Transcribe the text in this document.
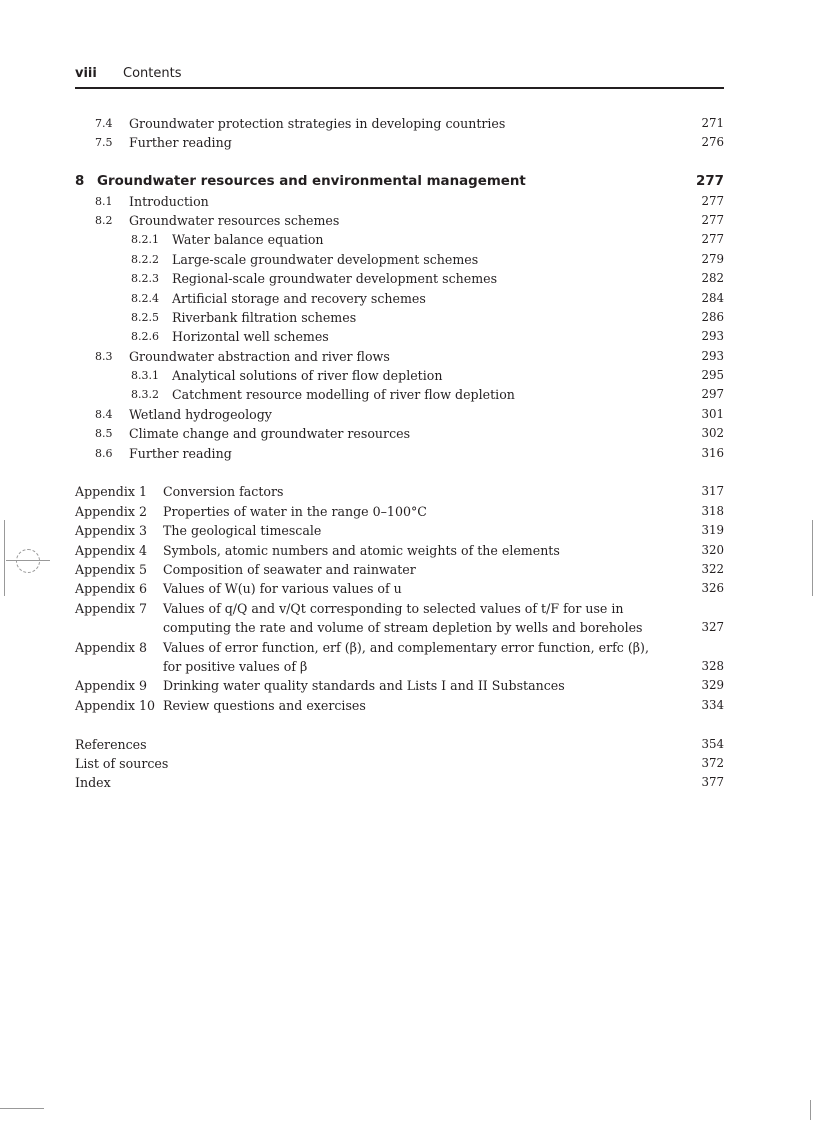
viii Contents
7.4 Groundwater protection strategies in developing countries	271
7.5 Further reading	276
8 Groundwater resources and environmental management	277
8.1 Introduction	277
8.2 Groundwater resources schemes	277
8.2.1 Water balance equation	277
8.2.2 Large-scale groundwater development schemes	279
8.2.3 Regional-scale groundwater development schemes	282
8.2.4 Artificial storage and recovery schemes	284
8.2.5 Riverbank filtration schemes	286
8.2.6 Horizontal well schemes	293
8.3 Groundwater abstraction and river flows	293
8.3.1 Analytical solutions of river flow depletion	295
8.3.2 Catchment resource modelling of river flow depletion	297
8.4 Wetland hydrogeology	301
8.5 Climate change and groundwater resources	302
8.6 Further reading	316
Appendix 1 Conversion factors	317
Appendix 2 Properties of water in the range 0–100°C	318
Appendix 3 The geological timescale	319
Appendix 4 Symbols, atomic numbers and atomic weights of the elements	320
Appendix 5 Composition of seawater and rainwater	322
Appendix 6 Values of W(u) for various values of u	326
Appendix 7 Values of q/Q and v/Qt corresponding to selected values of t/F for use in
computing the rate and volume of stream depletion by wells and boreholes	327
Appendix 8 Values of error function, erf (β), and complementary error function, erfc (β),
for positive values of β	328
Appendix 9 Drinking water quality standards and Lists I and II Substances	329
Appendix 10 Review questions and exercises	334
References	354
List of sources	372
Index	377
